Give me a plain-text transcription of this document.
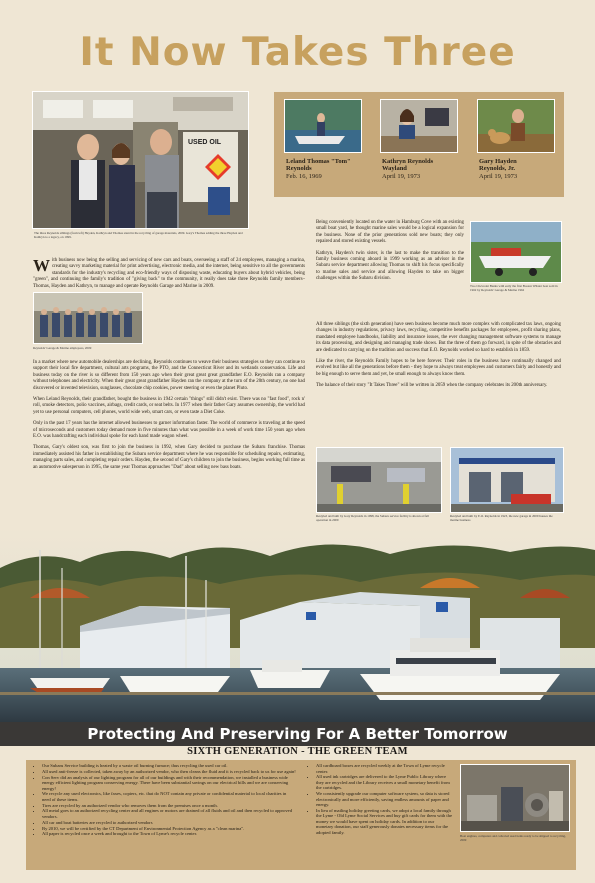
It Now Takes Three
USED OIL
The three Reynolds siblings (from left) Hayden, Kathryn and Thomas stand in the recycling of garage materials, 2009. Gary's Thomas adding the three Hayden and Kathryn to a legacy, on 1999.
Leland Thomas "Tom" Reynolds
Feb. 16, 1969
Kathryn Reynolds Wayland
April 19, 1973
Gary Hayden Reynolds, Jr.
April 19, 1973

W ith business now being the selling and servicing of new cars and boats, overseeing a staff of 24 employees, managing a marina, creating savvy marketing material for print advertising, electronic media, and the internet, being sensitive to all the governments standards for the industry's recycling and eco-friendly ways of disposing waste, educating buyers about hybrid vehicles, being "green", and continuing the family's tradition of "giving back" to the community, it really does take three Reynolds family members–Thomas, Hayden and Kathryn, to manage and operate Reynolds Garage and Marine in 2009.

Reynolds' Garage & Marine employees, 2009

In a market where new automobile dealerships are declining, Reynolds continues to weave their business strategies so they can continue to support their local fire department, cultural arts programs, the PTO, and the Connecticut River and its wetlands conservation. Life and business today on the river is so different from 150 years ago when their great great great grandfather E.O. Reynolds ran a company without telephones and electricity. When their great great grandfather Hayden ran the company at the turn of the 20th century, no one had discovered or invented television, sunglasses, chocolate chip cookies, power steering or even the planet Pluto.

When Leland Reynolds, their grandfather, bought the business in 1942 certain "things" still didn't exist. There was no "fast food", rock n' roll, smoke detectors, polio vaccines, airbags, credit cards, or seat belts. In 1977 when their father Gary assumes ownership, the world had yet to use personal computers, cell phones, world wide web, smart cars, or even taste a Diet Coke.

Only in the past 17 years has the internet allowed businesses to garner information faster. The world of commerce is traveling at the speed of microseconds and customers today demand more in five minutes than what was possible in a week of work time 150 years ago when E.O. was handcrafting each individual spoke for each hand made wagon wheel.

Thomas, Gary's oldest son, was first to join the business in 1992, when Gary decided to purchase the Subaru franchise. Thomas immediately assisted his father in establishing the Subaru service department where he was responsible for scheduling repairs, estimating, managing parts sales, and completing repair orders. Hayden, the second of Gary's children to join the business, begins working full time as an automotive salesperson in 1995, the same year Thomas approaches "Dad" about selling new bass boats.

Being conveniently located on the water in Hamburg Cove with an existing small boat yard, he thought marine sales would be a logical expansion for the business. None of the prior generations sold new boats; they only repaired and stored existing vessels.

Kathryn, Hayden's twin sister, is the last to make the transition to the family business coming aboard in 1999 working as an advisor in the Subaru service department allowing Thomas to shift his focus specifically to marine sales and service and allowing Hayden to take on bigger challenges within the Subaru division.

Two Chevrolet Banks with early the first Boston Whaler boat sold in 1962 by Reynolds' Garage & Marine 1962

All three siblings (the sixth generation) have seen business become much more complex with complicated tax laws, ongoing changes in industry regulations, privacy laws, recycling, competitive benefits packages for employees, profit sharing plans, mandated employee handbooks, liability and insurance issues, the ever changing management software systems to manage its data processing, and designing and managing trade shows. But the three of them go forward, in spite of the obstacles and are dedicated to carrying on the tradition and success that E.O. Reynolds worked so hard to establish in 1859.

Like the river, the Reynolds Family hopes to be here forever. Their roles in the business have continually changed and evolved but like all the generations before them - they hope to always treat employees and customers fairly and honestly and be big enough to serve them and yet, be small enough to always know them.

The balance of their story "It Takes Three" will be written in 2059 when the company celebrates its 200th anniversary.

Restyled and built by Gary Reynolds in 1998, the Subaru service facility is shown at full operation in 2009
Restyled and built by E.O. Reynolds in 1923, the new garage in 2009 houses the marine business
Protecting And Preserving For A Better Tomorrow
SIXTH GENERATION - THE GREEN TEAM
• Our Subaru Service building is heated by a waste oil burning furnace; thus recycling the used car oil.
• All used anti-freeze is collected, taken away by an authorized vendor, who then cleans the fluid and it is recycled back to us for use again!
• Con Serv did an analysis of our lighting program for all of our buildings and with their recommendation, we installed a business wide energy efficient lighting program conserving energy. There have been substantial savings on our electrical bills and we are conserving energy!
• We recycle any used electronics, like faxes, copiers, etc. that do NOT contain any private or confidential material to local charities in need of these items.
• Tires are recycled by an authorized vendor who removes them from the premises once a month.
• All metal goes to an authorized recycling center and all engines or motors are drained of all fluids and oil and then recycled to approved vendors.
• All car and boat batteries are recycled to authorized vendors
• By 2010, we will be certified by the CT Department of Environmental Protection Agency as a "clean marina".
• All paper is recycled once a week and brought to the Town of Lyme's recycle center.
• All cardboard boxes are recycled weekly at the Town of Lyme recycle center.
• All used ink cartridges are delivered to the Lyme Public Library where they are recycled and the Library receives a small monetary benefit from the cartridges.
• We consistently upgrade our computer software system, so data is stored electronically and more efficiently, saving endless amounts of paper and energy.
• In lieu of mailing holiday greeting cards, we adopt a local family through the Lyme - Old Lyme Social Services and buy gift cards for them with the money we would have spent on holiday cards. In addition to our monetary donation, our staff generously donates necessary items for the adopted family.
Boat engines, computers and collected used items ready to be shipped to recycling, 2009
